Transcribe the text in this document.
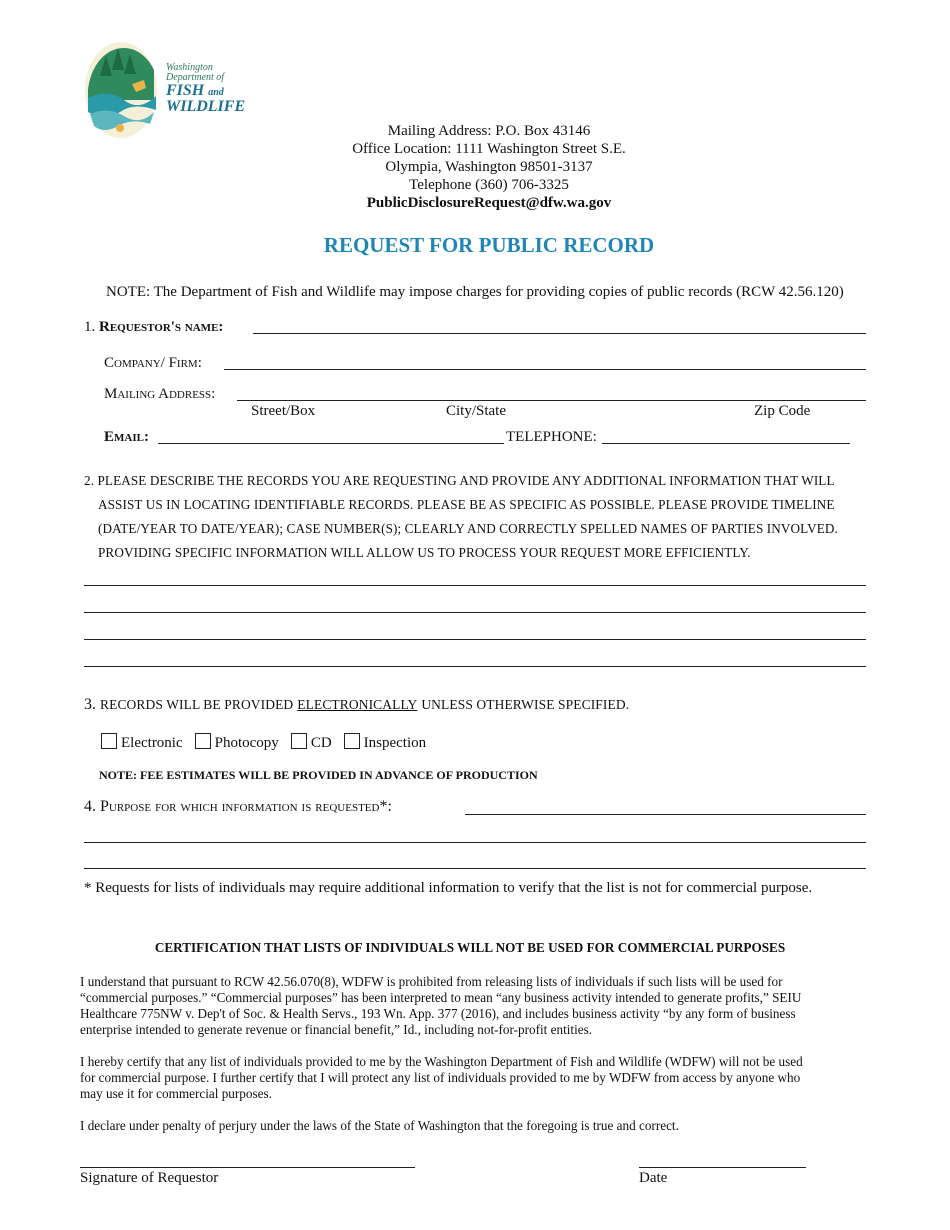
Washington
Department of
FISH and
WILDLIFE
Mailing Address: P.O. Box 43146
Office Location: 1111 Washington Street S.E.
Olympia, Washington 98501-3137
Telephone (360) 706-3325
PublicDisclosureRequest@dfw.wa.gov
REQUEST FOR PUBLIC RECORD
NOTE: The Department of Fish and Wildlife may impose charges for providing copies of public records (RCW 42.56.120)
1. Requestor's name:
Company/ Firm:
Mailing Address:
Street/Box	City/State	Zip Code
Email:	TELEPHONE:
2. PLEASE DESCRIBE THE RECORDS YOU ARE REQUESTING AND PROVIDE ANY ADDITIONAL INFORMATION THAT WILL
ASSIST US IN LOCATING IDENTIFIABLE RECORDS. PLEASE BE AS SPECIFIC AS POSSIBLE. PLEASE PROVIDE TIMELINE
(DATE/YEAR TO DATE/YEAR); CASE NUMBER(S); CLEARLY AND CORRECTLY SPELLED NAMES OF PARTIES INVOLVED.
PROVIDING SPECIFIC INFORMATION WILL ALLOW US TO PROCESS YOUR REQUEST MORE EFFICIENTLY.
3. RECORDS WILL BE PROVIDED ELECTRONICALLY UNLESS OTHERWISE SPECIFIED.
Electronic Photocopy CD Inspection
NOTE: FEE ESTIMATES WILL BE PROVIDED IN ADVANCE OF PRODUCTION
4. Purpose for which information is requested*:
* Requests for lists of individuals may require additional information to verify that the list is not for commercial purpose.
CERTIFICATION THAT LISTS OF INDIVIDUALS WILL NOT BE USED FOR COMMERCIAL PURPOSES
I understand that pursuant to RCW 42.56.070(8), WDFW is prohibited from releasing lists of individuals if such lists will be used for
“commercial purposes.” “Commercial purposes” has been interpreted to mean “any business activity intended to generate profits,” SEIU
Healthcare 775NW v. Dep't of Soc. & Health Servs., 193 Wn. App. 377 (2016), and includes business activity “by any form of business
enterprise intended to generate revenue or financial benefit,” Id., including not-for-profit entities.
I hereby certify that any list of individuals provided to me by the Washington Department of Fish and Wildlife (WDFW) will not be used
for commercial purpose. I further certify that I will protect any list of individuals provided to me by WDFW from access by anyone who
may use it for commercial purposes.
I declare under penalty of perjury under the laws of the State of Washington that the foregoing is true and correct.
Signature of Requestor	Date
